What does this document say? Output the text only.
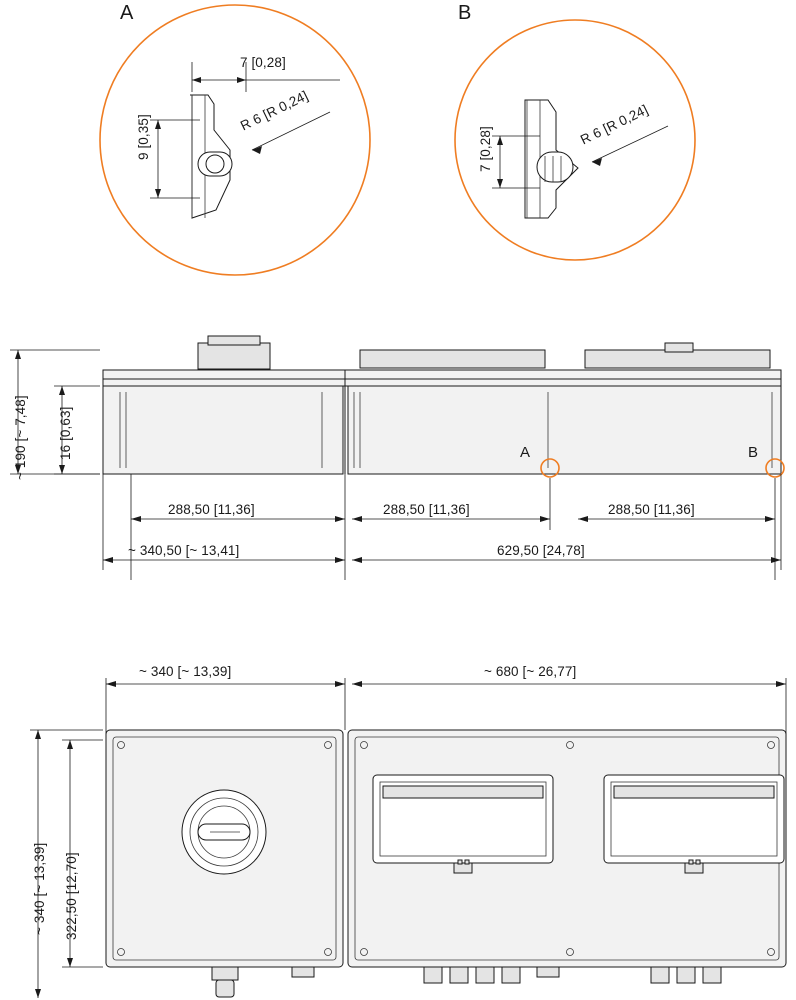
A
7 [0,28]
9 [0,35]
R 6 [R 0,24]
B
7 [0,28]
R 6 [R 0,24]
~ 190 [~ 7,48] 16 [0,63]	A	B
288,50 [11,36]	288,50 [11,36]	288,50 [11,36]
~ 340,50 [~ 13,41]	629,50 [24,78]
~ 340 [~ 13,39]	~ 680 [~ 26,77]
~ 340 [~ 13,39] 322,50 [12,70]
